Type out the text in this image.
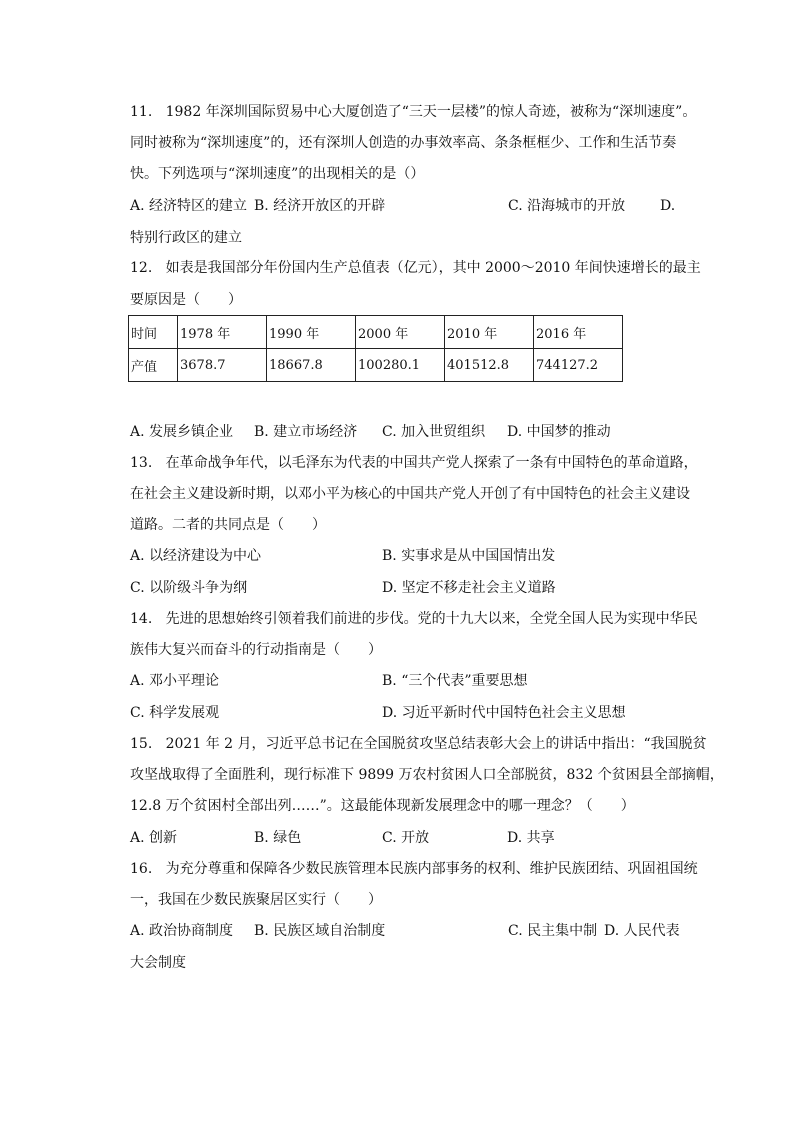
11.   1982 年深圳国际贸易中心大厦创造了“三天一层楼”的惊人奇迹，被称为“深圳速度”。
同时被称为“深圳速度”的，还有深圳人创造的办事效率高、条条框框少、工作和生活节奏
快。下列选项与“深圳速度”的出现相关的是（）
A. 经济特区的建立 B. 经济开放区的开辟	C. 沿海城市的开放 D.
特别行政区的建立
12.   如表是我国部分年份国内生产总值表（亿元），其中 2000～2010 年间快速增长的最主
要原因是（　　）
时间	1978 年	1990 年	2000 年	2010 年	2016 年
产值	3678.7	18667.8	100280.1	401512.8	744127.2
A. 发展乡镇企业 B. 建立市场经济 C. 加入世贸组织 D. 中国梦的推动
13.   在革命战争年代，以毛泽东为代表的中国共产党人探索了一条有中国特色的革命道路，
在社会主义建设新时期，以邓小平为核心的中国共产党人开创了有中国特色的社会主义建设
道路。二者的共同点是（　　）
A. 以经济建设为中心	B. 实事求是从中国国情出发
C. 以阶级斗争为纲	D. 坚定不移走社会主义道路
14.   先进的思想始终引领着我们前进的步伐。党的十九大以来，全党全国人民为实现中华民
族伟大复兴而奋斗的行动指南是（　　）
A. 邓小平理论	B. “三个代表”重要思想
C. 科学发展观	D. 习近平新时代中国特色社会主义思想
15.   2021 年 2 月，习近平总书记在全国脱贫攻坚总结表彰大会上的讲话中指出：“我国脱贫
攻坚战取得了全面胜利，现行标准下 9899 万农村贫困人口全部脱贫，832 个贫困县全部摘帽，
12.8 万个贫困村全部出列……”。这最能体现新发展理念中的哪一理念？（　　）
A. 创新	B. 绿色	C. 开放	D. 共享
16.   为充分尊重和保障各少数民族管理本民族内部事务的权利、维护民族团结、巩固祖国统
一，我国在少数民族聚居区实行（　　）
A. 政治协商制度 B. 民族区域自治制度	C. 民主集中制 D. 人民代表
大会制度
